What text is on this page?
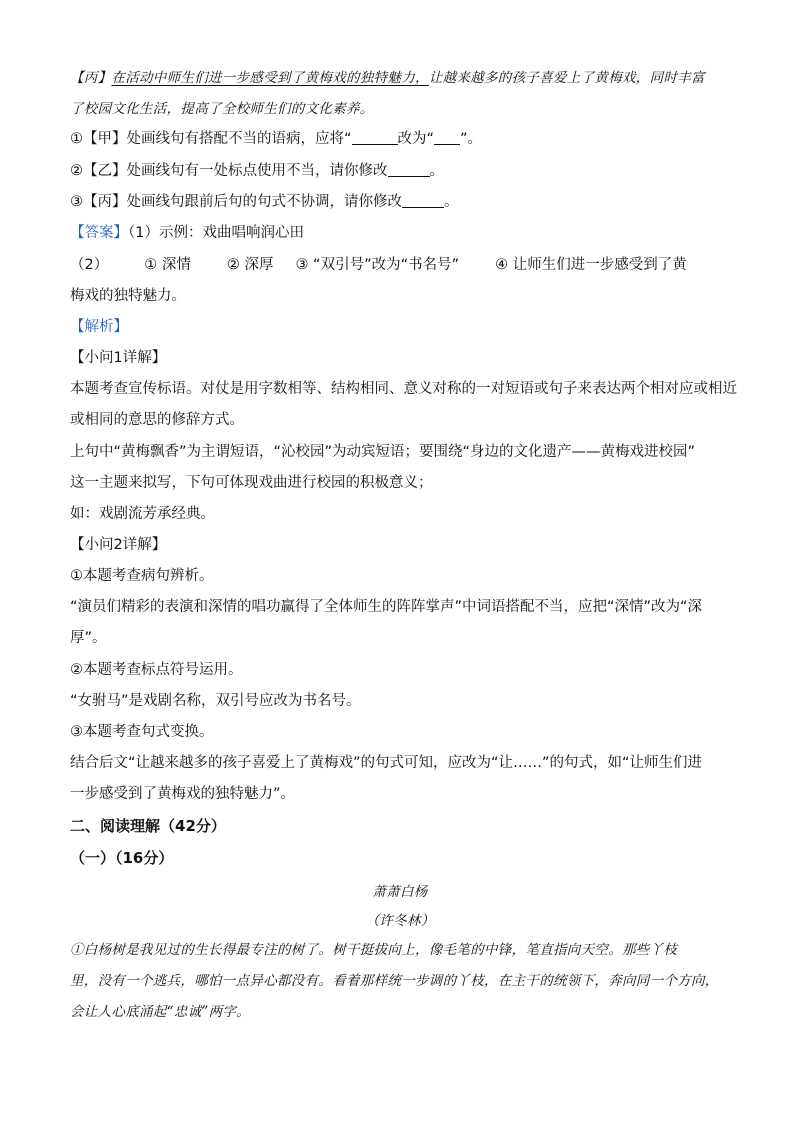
【丙】在活动中师生们进一步感受到了黄梅戏的独特魅力，让越来越多的孩子喜爱上了黄梅戏，同时丰富
了校园文化生活，提高了全校师生们的文化素养。
①【甲】处画线句有搭配不当的语病，应将“	改为“ ”。
②【乙】处画线句有一处标点使用不当，请你修改	。
③【丙】处画线句跟前后句的句式不协调，请你修改	。
【答案】（1）示例：戏曲唱响润心田
（2） ① 深情 ② 深厚 ③ “双引号”改为“书名号” ④ 让师生们进一步感受到了黄
梅戏的独特魅力。
【解析】
【小问1详解】
本题考查宣传标语。对仗是用字数相等、结构相同、意义对称的一对短语或句子来表达两个相对应或相近
或相同的意思的修辞方式。
上句中“黄梅飘香”为主谓短语，“沁校园”为动宾短语；要围绕“身边的文化遗产——黄梅戏进校园”
这一主题来拟写，下句可体现戏曲进行校园的积极意义；
如：戏剧流芳承经典。
【小问2详解】
①本题考查病句辨析。
“演员们精彩的表演和深情的唱功赢得了全体师生的阵阵掌声”中词语搭配不当，应把“深情”改为“深
厚”。
②本题考查标点符号运用。
“女驸马”是戏剧名称，双引号应改为书名号。
③本题考查句式变换。
结合后文“让越来越多的孩子喜爱上了黄梅戏”的句式可知，应改为“让……”的句式，如“让师生们进
一步感受到了黄梅戏的独特魅力”。
二、阅读理解（42分）
（一）（16分）
萧萧白杨
（许冬林）
①白杨树是我见过的生长得最专注的树了。树干挺拔向上，像毛笔的中锋，笔直指向天空。那些丫枝
里，没有一个逃兵，哪怕一点异心都没有。看着那样统一步调的丫枝，在主干的统领下，奔向同一个方向，
会让人心底涌起“忠诚”两字。
